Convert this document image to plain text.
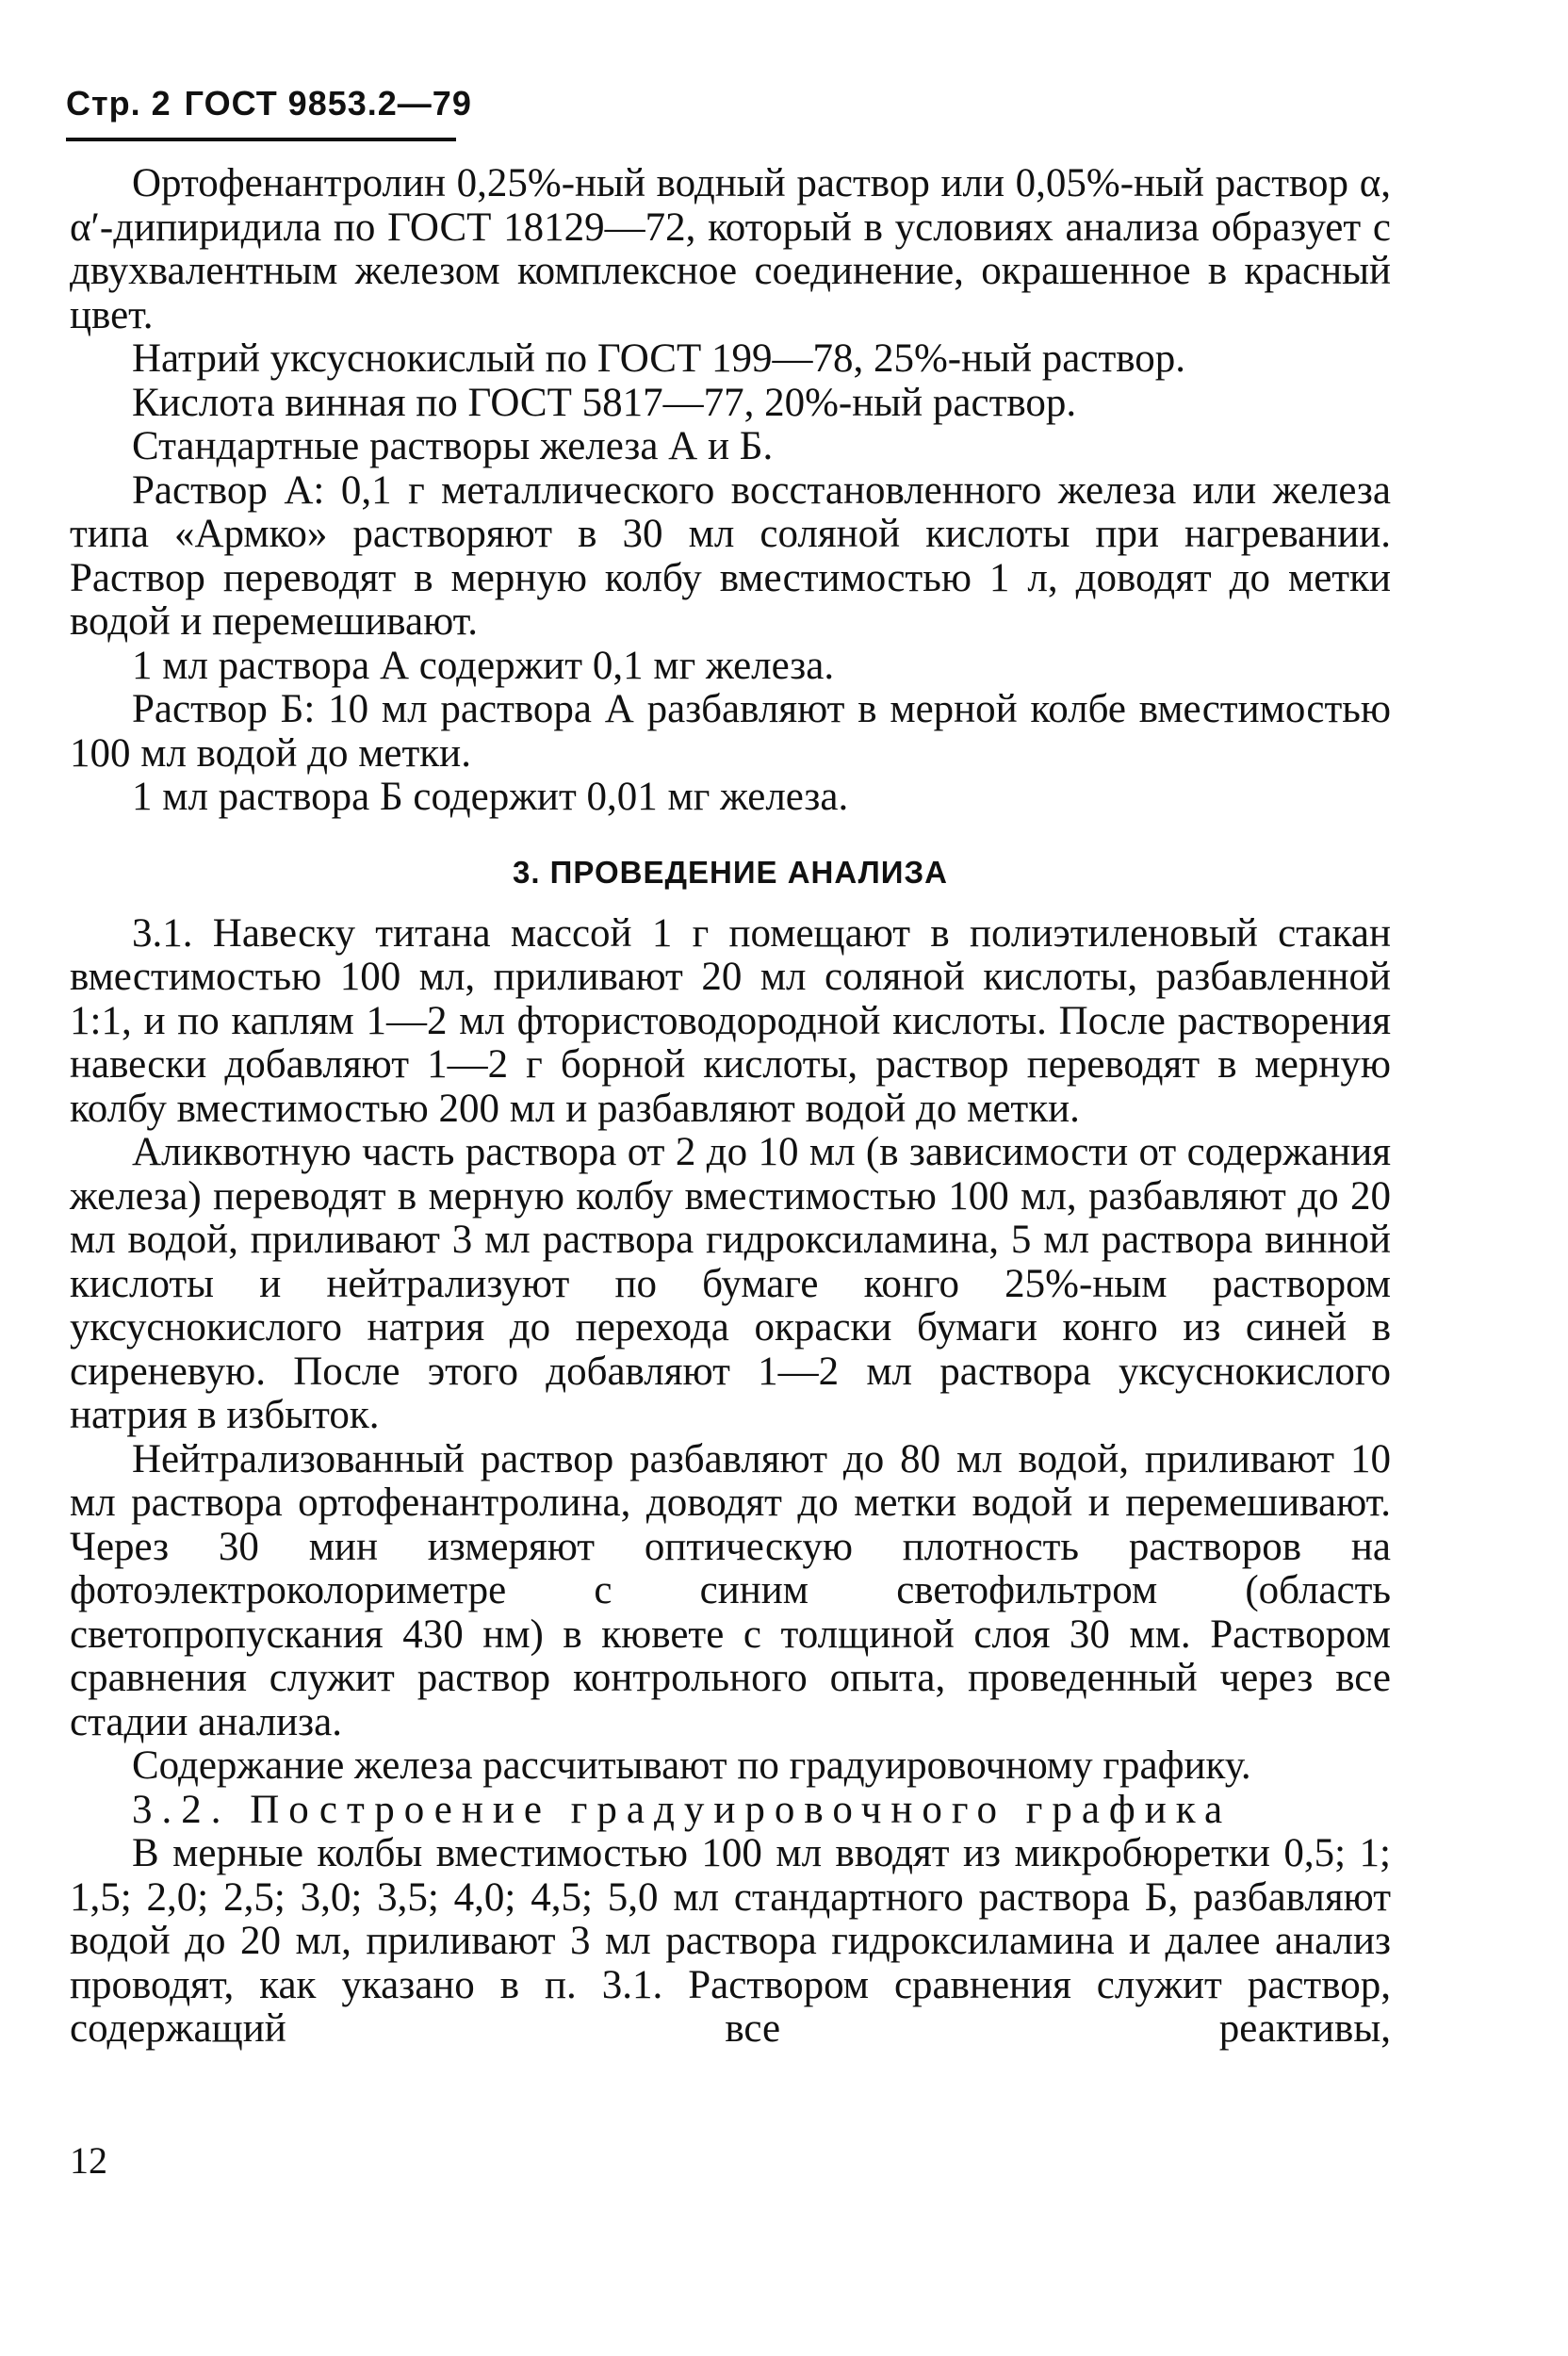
Стр. 2 ГОСТ 9853.2—79

Ортофенантролин 0,25%-ный водный раствор или 0,05%-ный раствор α, α′-дипиридила по ГОСТ 18129—72, который в условиях анализа образует с двухвалентным железом комплексное соединение, окрашенное в красный цвет.

Натрий уксуснокислый по ГОСТ 199—78, 25%-ный раствор.

Кислота винная по ГОСТ 5817—77, 20%-ный раствор.

Стандартные растворы железа А и Б.

Раствор А: 0,1 г металлического восстановленного железа или железа типа «Армко» растворяют в 30 мл соляной кислоты при нагревании. Раствор переводят в мерную колбу вместимостью 1 л, доводят до метки водой и перемешивают.

1 мл раствора А содержит 0,1 мг железа.

Раствор Б: 10 мл раствора А разбавляют в мерной колбе вместимостью 100 мл водой до метки.

1 мл раствора Б содержит 0,01 мг железа.

3. ПРОВЕДЕНИЕ АНАЛИЗА

3.1. Навеску титана массой 1 г помещают в полиэтиленовый стакан вместимостью 100 мл, приливают 20 мл соляной кислоты, разбавленной 1:1, и по каплям 1—2 мл фтористоводородной кислоты. После растворения навески добавляют 1—2 г борной кислоты, раствор переводят в мерную колбу вместимостью 200 мл и разбавляют водой до метки.

Аликвотную часть раствора от 2 до 10 мл (в зависимости от содержания железа) переводят в мерную колбу вместимостью 100 мл, разбавляют до 20 мл водой, приливают 3 мл раствора гидроксиламина, 5 мл раствора винной кислоты и нейтрализуют по бумаге конго 25%-ным раствором уксуснокислого натрия до перехода окраски бумаги конго из синей в сиреневую. После этого добавляют 1—2 мл раствора уксуснокислого натрия в избыток.

Нейтрализованный раствор разбавляют до 80 мл водой, приливают 10 мл раствора ортофенантролина, доводят до метки водой и перемешивают. Через 30 мин измеряют оптическую плотность растворов на фотоэлектроколориметре с синим светофильтром (область светопропускания 430 нм) в кювете с толщиной слоя 30 мм. Раствором сравнения служит раствор контрольного опыта, проведенный через все стадии анализа.

Содержание железа рассчитывают по градуировочному графику.

3.2. Построение градуировочного графика

В мерные колбы вместимостью 100 мл вводят из микробюретки 0,5; 1; 1,5; 2,0; 2,5; 3,0; 3,5; 4,0; 4,5; 5,0 мл стандартного раствора Б, разбавляют водой до 20 мл, приливают 3 мл раствора гидроксиламина и далее анализ проводят, как указано в п. 3.1. Раствором сравнения служит раствор, содержащий все реактивы,

12
